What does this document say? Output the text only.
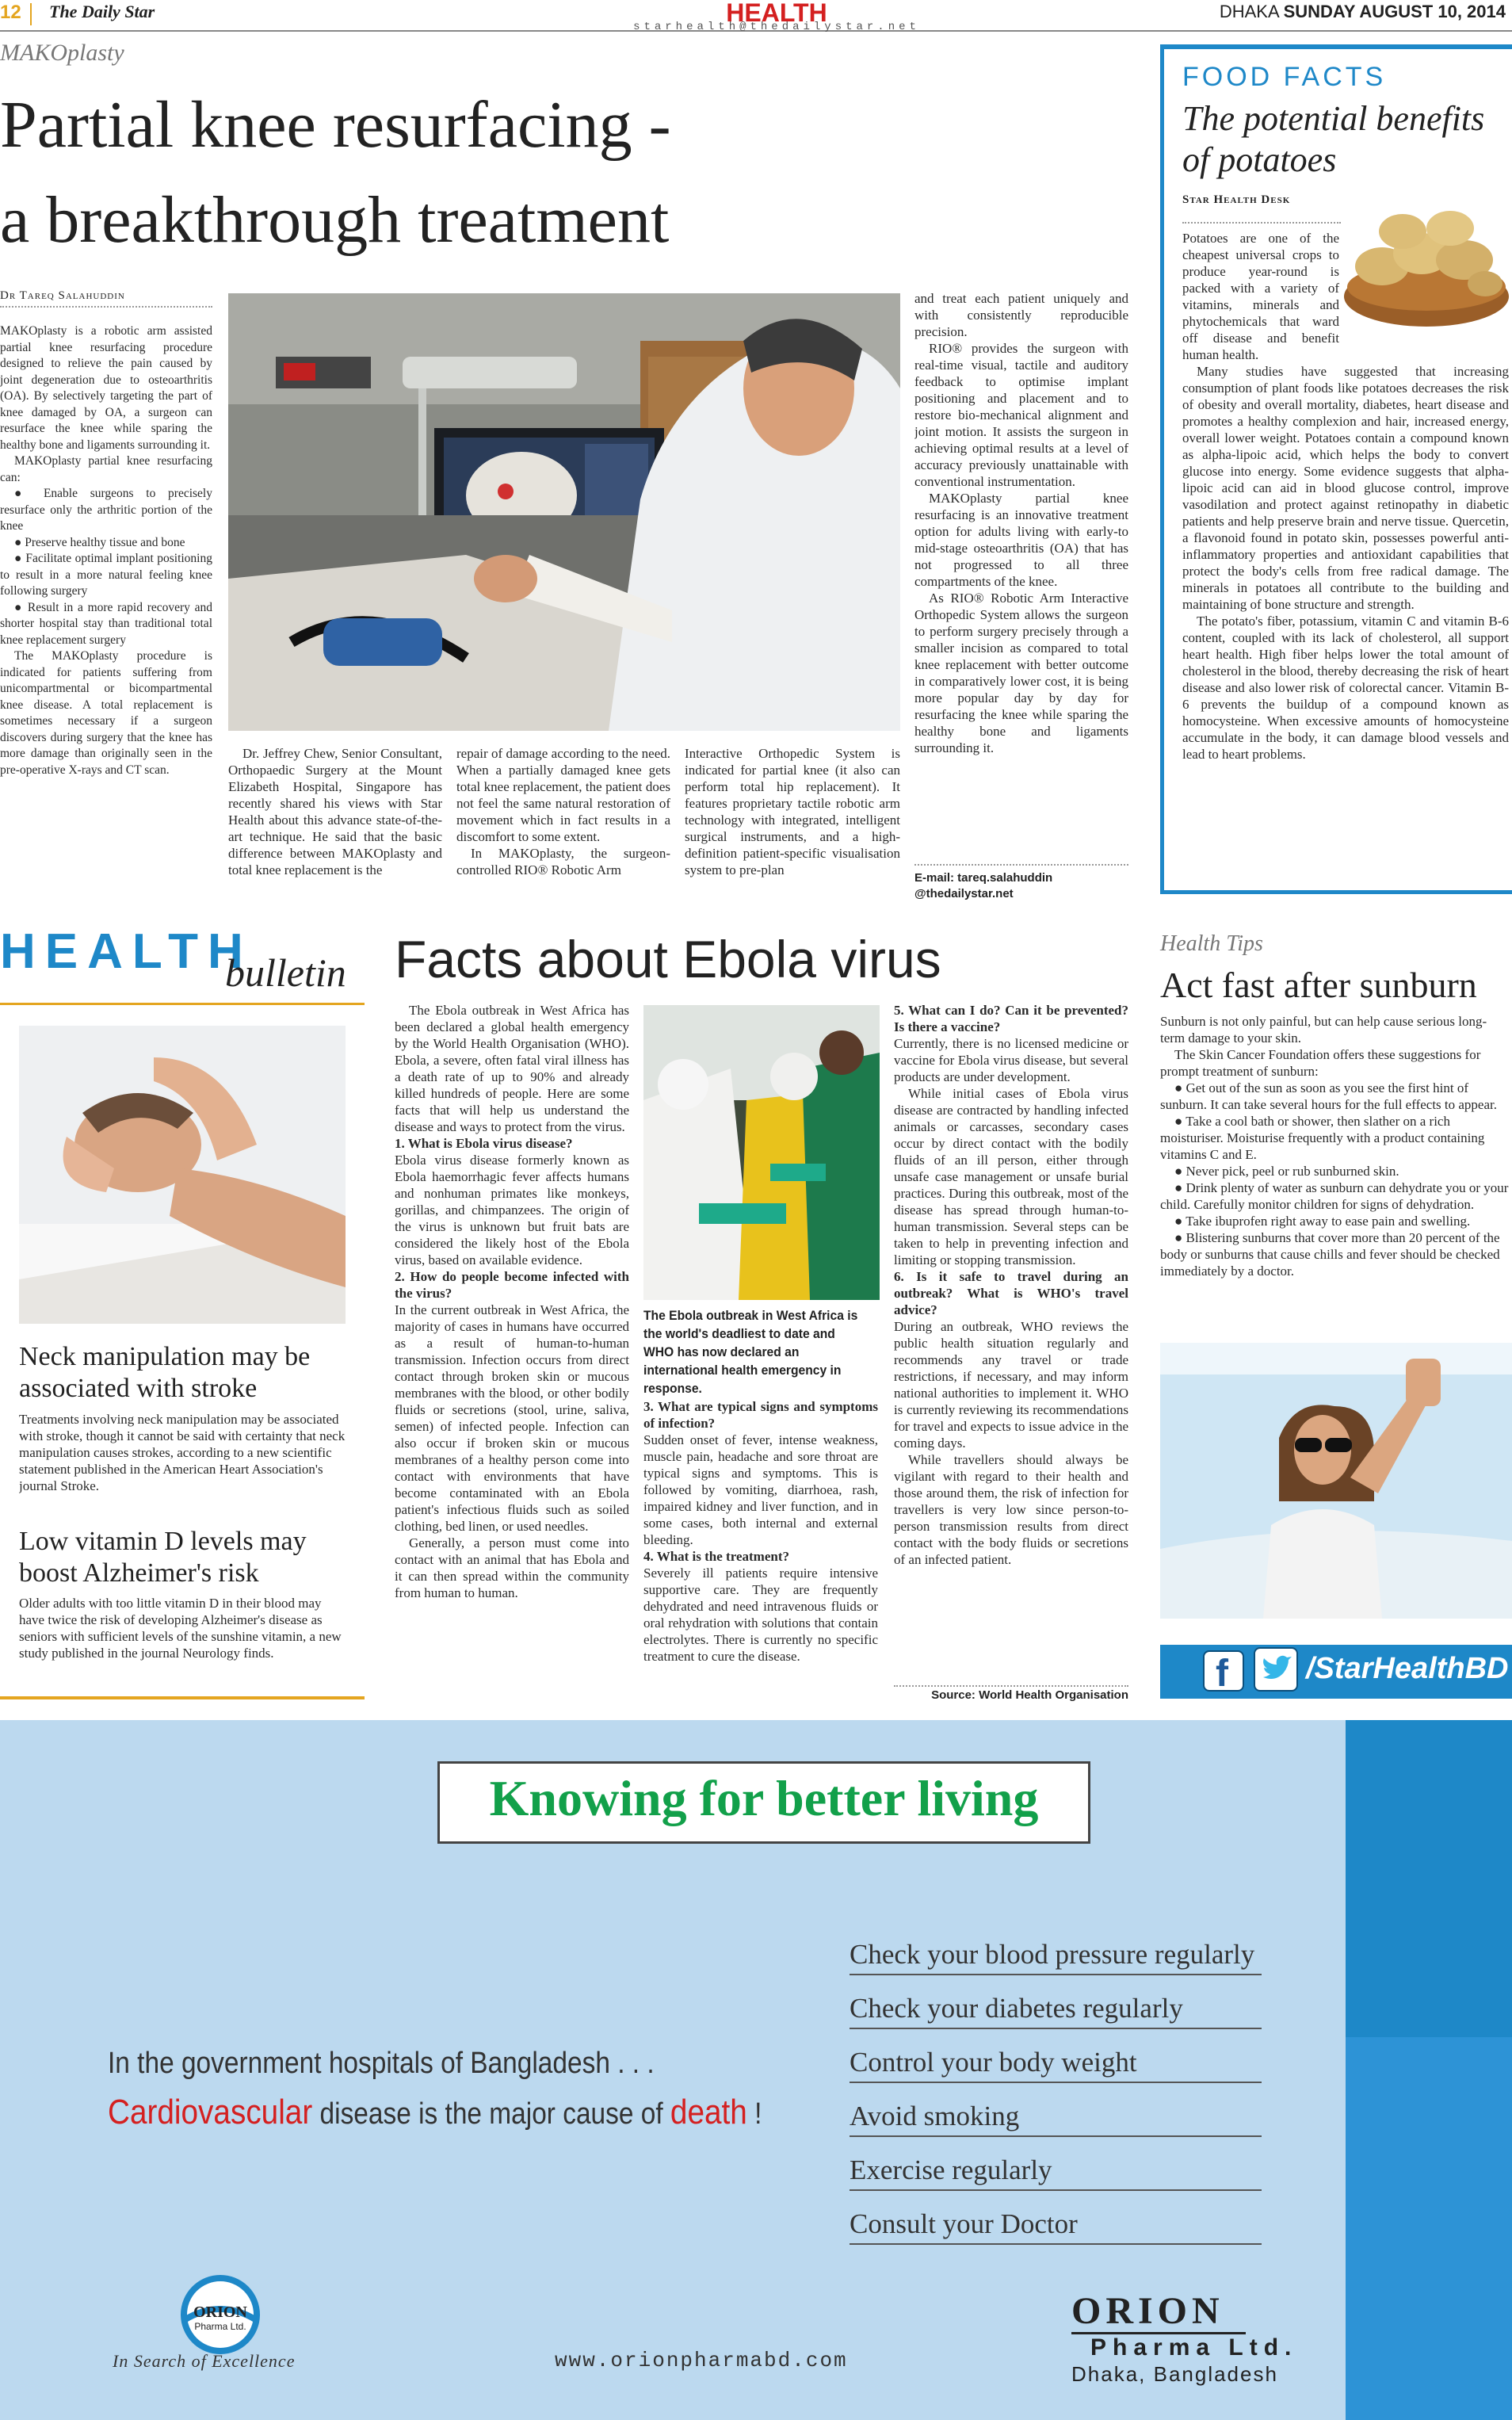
12 The Daily Star	HEALTH
starhealth@thedailystar.net
DHAKA SUNDAY AUGUST 10, 2014
MAKOplasty
Partial knee resurfacing -
a breakthrough treatment
Dr Tareq Salahuddin

MAKOplasty is a robotic arm assisted partial knee resurfacing procedure designed to relieve the pain caused by joint degeneration due to osteoarthritis (OA). By selectively targeting the part of knee damaged by OA, a surgeon can resurface the knee while sparing the healthy bone and ligaments surrounding it.

MAKOplasty partial knee resurfacing can:

● Enable surgeons to precisely resurface only the arthritic portion of the knee

● Preserve healthy tissue and bone

● Facilitate optimal implant positioning to result in a more natural feeling knee following surgery

● Result in a more rapid recovery and shorter hospital stay than traditional total knee replacement surgery

The MAKOplasty procedure is indicated for patients suffering from unicompartmental or bicompartmental knee disease. A total replacement is sometimes necessary if a surgeon discovers during surgery that the knee has more damage than originally seen in the pre-operative X-rays and CT scan.

Dr. Jeffrey Chew, Senior Consultant, Orthopaedic Surgery at the Mount Elizabeth Hospital, Singapore has recently shared his views with Star Health about this advance state-of-the-art technique. He said that the basic difference between MAKOplasty and total knee replacement is the

repair of damage according to the need. When a partially damaged knee gets total knee replacement, the patient does not feel the same natural restoration of movement which in fact results in a discomfort to some extent.

In MAKOplasty, the surgeon-controlled RIO® Robotic Arm

Interactive Orthopedic System is indicated for partial knee (it also can perform total hip replacement). It features proprietary tactile robotic arm technology with integrated, intelligent surgical instruments, and a high-definition patient-specific visualisation system to pre-plan

and treat each patient uniquely and with consistently reproducible precision.

RIO® provides the surgeon with real-time visual, tactile and auditory feedback to optimise implant positioning and placement and to restore bio-mechanical alignment and joint motion. It assists the surgeon in achieving optimal results at a level of accuracy previously unattainable with conventional instrumentation.

MAKOplasty partial knee resurfacing is an innovative treatment option for adults living with early-to mid-stage osteoarthritis (OA) that has not progressed to all three compartments of the knee.

As RIO® Robotic Arm Interactive Orthopedic System allows the surgeon to perform surgery precisely through a smaller incision as compared to total knee replacement with better outcome in comparatively lower cost, it is being more popular day by day for resurfacing the knee while sparing the healthy bone and ligaments surrounding it.

E-mail: tareq.salahuddin
@thedailystar.net
FOOD FACTS
The potential benefits of potatoes
Star Health Desk

Potatoes are one of the cheapest universal crops to produce year-round is packed with a variety of vitamins, minerals and phytochemicals that ward off disease and benefit human health.

Many studies have suggested that increasing consumption of plant foods like potatoes decreases the risk of obesity and overall mortality, diabetes, heart disease and promotes a healthy complexion and hair, increased energy, overall lower weight. Potatoes contain a compound known as alpha-lipoic acid, which helps the body to convert glucose into energy. Some evidence suggests that alpha-lipoic acid can aid in blood glucose control, improve vasodilation and protect against retinopathy in diabetic patients and help preserve brain and nerve tissue. Quercetin, a flavonoid found in potato skin, possesses powerful anti-inflammatory properties and antioxidant capabilities that protect the body's cells from free radical damage. The minerals in potatoes all contribute to the building and maintaining of bone structure and strength.

The potato's fiber, potassium, vitamin C and vitamin B-6 content, coupled with its lack of cholesterol, all support heart health. High fiber helps lower the total amount of cholesterol in the blood, thereby decreasing the risk of heart disease and also lower risk of colorectal cancer. Vitamin B-6 prevents the buildup of a compound known as homocysteine. When excessive amounts of homocysteine accumulate in the body, it can damage blood vessels and lead to heart problems.

HEALTH
bulletin
Neck manipulation may be associated with stroke

Treatments involving neck manipulation may be associated with stroke, though it cannot be said with certainty that neck manipulation causes strokes, according to a new scientific statement published in the American Heart Association's journal Stroke.

Low vitamin D levels may boost Alzheimer's risk

Older adults with too little vitamin D in their blood may have twice the risk of developing Alzheimer's disease as seniors with sufficient levels of the sunshine vitamin, a new study published in the journal Neurology finds.

Facts about Ebola virus

The Ebola outbreak in West Africa has been declared a global health emergency by the World Health Organisation (WHO). Ebola, a severe, often fatal viral illness has a death rate of up to 90% and already killed hundreds of people. Here are some facts that will help us understand the disease and ways to protect from the virus.

1. What is Ebola virus disease?

Ebola virus disease formerly known as Ebola haemorrhagic fever affects humans and nonhuman primates like monkeys, gorillas, and chimpanzees. The origin of the virus is unknown but fruit bats are considered the likely host of the Ebola virus, based on available evidence.

2. How do people become infected with the virus?

In the current outbreak in West Africa, the majority of cases in humans have occurred as a result of human-to-human transmission. Infection occurs from direct contact through broken skin or mucous membranes with the blood, or other bodily fluids or secretions (stool, urine, saliva, semen) of infected people. Infection can also occur if broken skin or mucous membranes of a healthy person come into contact with environments that have become contaminated with an Ebola patient's infectious fluids such as soiled clothing, bed linen, or used needles.

Generally, a person must come into contact with an animal that has Ebola and it can then spread within the community from human to human.

The Ebola outbreak in West Africa is the world's deadliest to date and WHO has now declared an international health emergency in response.

3. What are typical signs and symptoms of infection?

Sudden onset of fever, intense weakness, muscle pain, headache and sore throat are typical signs and symptoms. This is followed by vomiting, diarrhoea, rash, impaired kidney and liver function, and in some cases, both internal and external bleeding.

4. What is the treatment?

Severely ill patients require intensive supportive care. They are frequently dehydrated and need intravenous fluids or oral rehydration with solutions that contain electrolytes. There is currently no specific treatment to cure the disease.

5. What can I do? Can it be prevented? Is there a vaccine?

Currently, there is no licensed medicine or vaccine for Ebola virus disease, but several products are under development.

While initial cases of Ebola virus disease are contracted by handling infected animals or carcasses, secondary cases occur by direct contact with the bodily fluids of an ill person, either through unsafe case management or unsafe burial practices. During this outbreak, most of the disease has spread through human-to-human transmission. Several steps can be taken to help in preventing infection and limiting or stopping transmission.

6. Is it safe to travel during an outbreak? What is WHO's travel advice?

During an outbreak, WHO reviews the public health situation regularly and recommends any travel or trade restrictions, if necessary, and may inform national authorities to implement it. WHO is currently reviewing its recommendations for travel and expects to issue advice in the coming days.

While travellers should always be vigilant with regard to their health and those around them, the risk of infection for travellers is very low since person-to-person transmission results from direct contact with the body fluids or secretions of an infected patient.

Source: World Health Organisation
Health Tips
Act fast after sunburn

Sunburn is not only painful, but can help cause serious long-term damage to your skin.

The Skin Cancer Foundation offers these suggestions for prompt treatment of sunburn:

● Get out of the sun as soon as you see the first hint of sunburn. It can take several hours for the full effects to appear.

● Take a cool bath or shower, then slather on a rich moisturiser. Moisturise frequently with a product containing vitamins C and E.

● Never pick, peel or rub sunburned skin.

● Drink plenty of water as sunburn can dehydrate you or your child. Carefully monitor children for signs of dehydration.

● Take ibuprofen right away to ease pain and swelling.

● Blistering sunburns that cover more than 20 percent of the body or sunburns that cause chills and fever should be checked immediately by a doctor.

f	/StarHealthBD
Knowing for better living
In the government hospitals of Bangladesh . . .
Cardiovascular disease is the major cause of death !
Check your blood pressure regularly
Check your diabetes regularly
Control your body weight
Avoid smoking
Exercise regularly
Consult your Doctor
ORION
Pharma Ltd.
In Search of Excellence	www.orionpharmabd.com
ORION
Pharma Ltd.
Dhaka, Bangladesh
